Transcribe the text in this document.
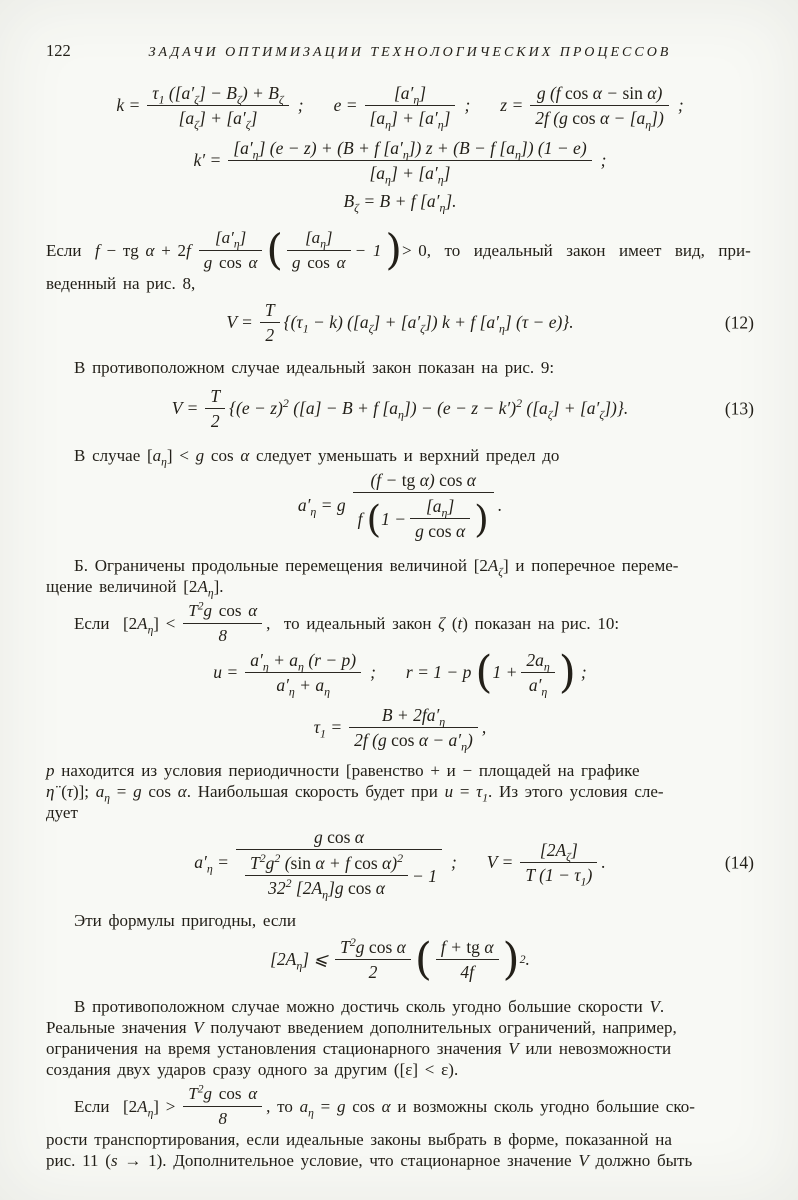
122	ЗАДАЧИ ОПТИМИЗАЦИИ ТЕХНОЛОГИЧЕСКИХ ПРОЦЕССОВ
$k = \frac{\tau_1 ([a'_\zeta] - B_\zeta) + B_\zeta}{[a_\zeta] + [a'_\zeta]}$ ; $e = \frac{[a'_\eta]}{[a_\eta] + [a'_\eta]}$ ; $z = \frac{\text{g (f cos α − sin α)}}{2f (g \cos \alpha - [a_\eta])}$ ;
$k' = \frac{[a'_\eta] (e - z) + (B + f [a'_\eta]) z + (B - f [a_\eta]) (1 - e)}{[a_\eta] + [a'_\eta]}$ ;
$B_\zeta = B + f$ $[a'_\eta]$.
Если  f − тg $\alpha + 2f \frac{[a'_\eta]}{\text{g cos α}}$ ( $\frac{[a_\eta]}{\text{g cos α}} - 1$ ) > 0,  то  идеальный  закон  имеет  вид,  при-
веденный на рис. 8,
$V = \frac{T}{2} \{(\tau_1 - k) ([a_\zeta] + [a'_\zeta]) k + f$ $[a'_\eta] (\tau - e)$}.	(12)
В противоположном случае идеальный закон показан на рис. 9:
$V = \frac{T}{2} \{(e - z)^2$ ([a] − B + f $[a_\eta]) - (e - z - k')^2$ $([a_\zeta] + [a'_\zeta])$}.	(13)
В случае $[a_\eta] < g$ cos α следует уменьшать и верхний предел до
$a'_\eta = g$
(f − tg α) cos α
f ( $1 - \frac{[a_\eta]}{\text{g cos α}}$ ) .
Б. Ограничены продольные перемещения величиной $[2A_\zeta]$ и поперечное переме-
щение величиной $[2A_\eta]$.
Если  $[2A_\eta] < \frac{T^2g \cos \alpha}{8}$ ,  то идеальный закон ζ (t) показан на рис. 10:
$u = \frac{a'_\eta + a_\eta (r - p)}{a'_\eta + a_\eta}$ ; r = 1 − p ( $1 + \frac{2a_\eta}{a'_\eta}$ ) ;
$\tau_1 = \frac{B + 2fa'_\eta}{2f (g \cos \alpha - a'_\eta)}$ ,
p находится из условия периодичности [равенство + и − площадей на графике
η̈ (τ)]; $a_\eta = g$ cos α. Наибольшая скорость будет при $u = \tau_1$. Из этого условия сле-
дует
$a'_\eta$ =
g cos α
$\frac{T^2g^2 (\sin \alpha + f \cos \alpha)^2}{32^2 [2A_\eta]g \cos \alpha} - 1$
; $V = \frac{[2A_\zeta]}{T (1 - \tau_1)}$ .	(14)
Эти формулы пригодны, если
$[2A_\eta]$ ⩽ $\frac{T^2g \cos \alpha}{2}$ ( $\frac{\text{f + tg α}}{4f}$ ) 2 .
В противоположном случае можно достичь сколь угодно большие скорости V.
Реальные значения V получают введением дополнительных ограничений, например,
ограничения на время установления стационарного значения V или невозможности
создания двух ударов сразу одного за другим ([ε] < ε).
Если  $[2A_\eta] > \frac{T^2g \cos \alpha}{8}$ , то $a_\eta = g$ cos α и возможны сколь угодно большие ско-
рости транспортирования, если идеальные законы выбрать в форме, показанной на
рис. 11 (s → 1). Дополнительное условие, что стационарное значение V должно быть
